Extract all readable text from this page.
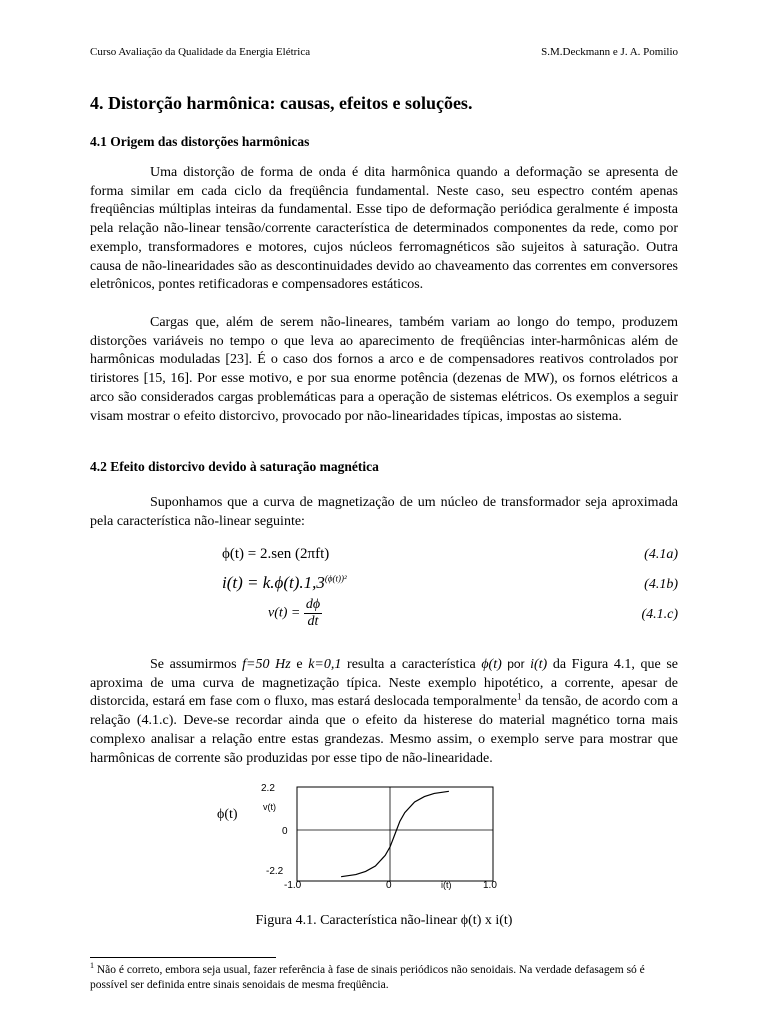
Curso Avaliação da Qualidade da Energia Elétrica	S.M.Deckmann e J. A. Pomilio
4. Distorção harmônica: causas, efeitos e soluções.
4.1 Origem das distorções harmônicas
Uma distorção de forma de onda é dita harmônica quando a deformação se apresenta de forma similar em cada ciclo da freqüência fundamental. Neste caso, seu espectro contém apenas freqüências múltiplas inteiras da fundamental. Esse tipo de deformação periódica geralmente é imposta pela relação não-linear tensão/corrente característica de determinados componentes da rede, como por exemplo, transformadores e motores, cujos núcleos ferromagnéticos são sujeitos à saturação. Outra causa de não-linearidades são as descontinuidades devido ao chaveamento das correntes em conversores eletrônicos, pontes retificadoras e compensadores estáticos.
Cargas que, além de serem não-lineares, também variam ao longo do tempo, produzem distorções variáveis no tempo o que leva ao aparecimento de freqüências inter-harmônicas além de harmônicas moduladas [23]. É o caso dos fornos a arco e de compensadores reativos controlados por tiristores [15, 16]. Por esse motivo, e por sua enorme potência (dezenas de MW), os fornos elétricos a arco são considerados cargas problemáticas para a operação de sistemas elétricos. Os exemplos a seguir visam mostrar o efeito distorcivo, provocado por não-linearidades típicas, impostas ao sistema.
4.2 Efeito distorcivo devido à saturação magnética
Suponhamos que a curva de magnetização de um núcleo de transformador seja aproximada pela característica não-linear seguinte:
ϕ(t) = 2.sen (2πft)	(4.1a)
$i(t) = k.\phi(t).1,3^{(\phi(t))^2}$	(4.1b)
$v(t) = \frac{d\phi}{dt}$	(4.1.c)
Se assumirmos f=50 Hz e k=0,1 resulta a característica ϕ(t) por i(t) da Figura 4.1, que se aproxima de uma curva de magnetização típica. Neste exemplo hipotético, a corrente, apesar de distorcida, estará em fase com o fluxo, mas estará deslocada temporalmente$^1$ da tensão, de acordo com a relação (4.1.c). Deve-se recordar ainda que o efeito da histerese do material magnético torna mais complexo analisar a relação entre estas grandezas. Mesmo assim, o exemplo serve para mostrar que harmônicas de corrente são produzidas por esse tipo de não-linearidade.
ϕ(t)
2.2
0
-2.2
v(t)
-1.0	0	1.0
i(t)
Figura 4.1. Característica não-linear ϕ(t) x i(t)
$^1$ Não é correto, embora seja usual, fazer referência à fase de sinais periódicos não senoidais. Na verdade defasagem só é possível ser definida entre sinais senoidais de mesma freqüência.
